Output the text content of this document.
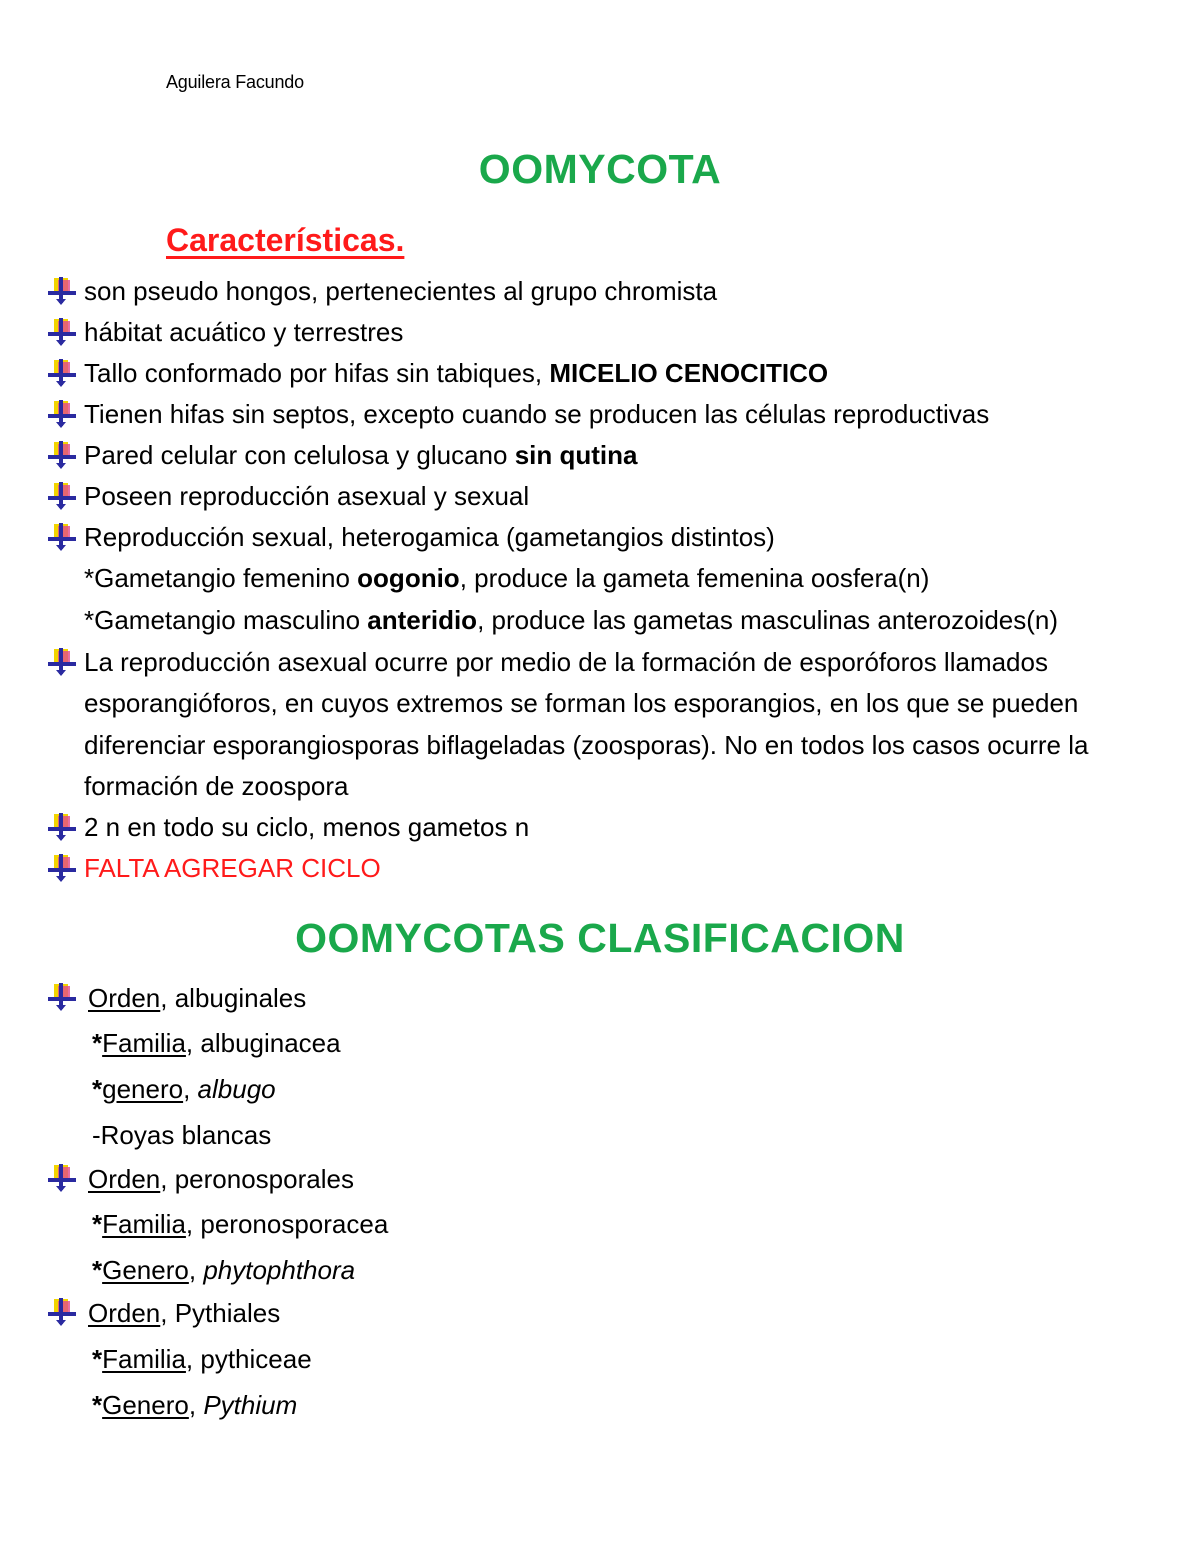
Aguilera Facundo
OOMYCOTA
Características.
son pseudo hongos, pertenecientes al grupo chromista
hábitat acuático y terrestres
Tallo conformado por hifas sin tabiques, MICELIO CENOCITICO
Tienen hifas sin septos, excepto cuando se producen las células reproductivas
Pared celular con celulosa y glucano sin qutina
Poseen reproducción asexual y sexual
Reproducción sexual, heterogamica (gametangios distintos)
*Gametangio femenino oogonio, produce la gameta femenina oosfera(n)
*Gametangio masculino anteridio, produce las gametas masculinas anterozoides(n)
La reproducción asexual ocurre por medio de la formación de esporóforos llamados
esporangióforos, en cuyos extremos se forman los esporangios, en los que se pueden
diferenciar esporangiosporas biflageladas (zoosporas). No en todos los casos ocurre la
formación de zoospora
2 n en todo su ciclo, menos gametos n
FALTA AGREGAR CICLO
OOMYCOTAS CLASIFICACION
Orden, albuginales
*Familia, albuginacea
*genero, albugo
-Royas blancas
Orden, peronosporales
*Familia, peronosporacea
*Genero, phytophthora
Orden, Pythiales
*Familia, pythiceae
*Genero, Pythium
